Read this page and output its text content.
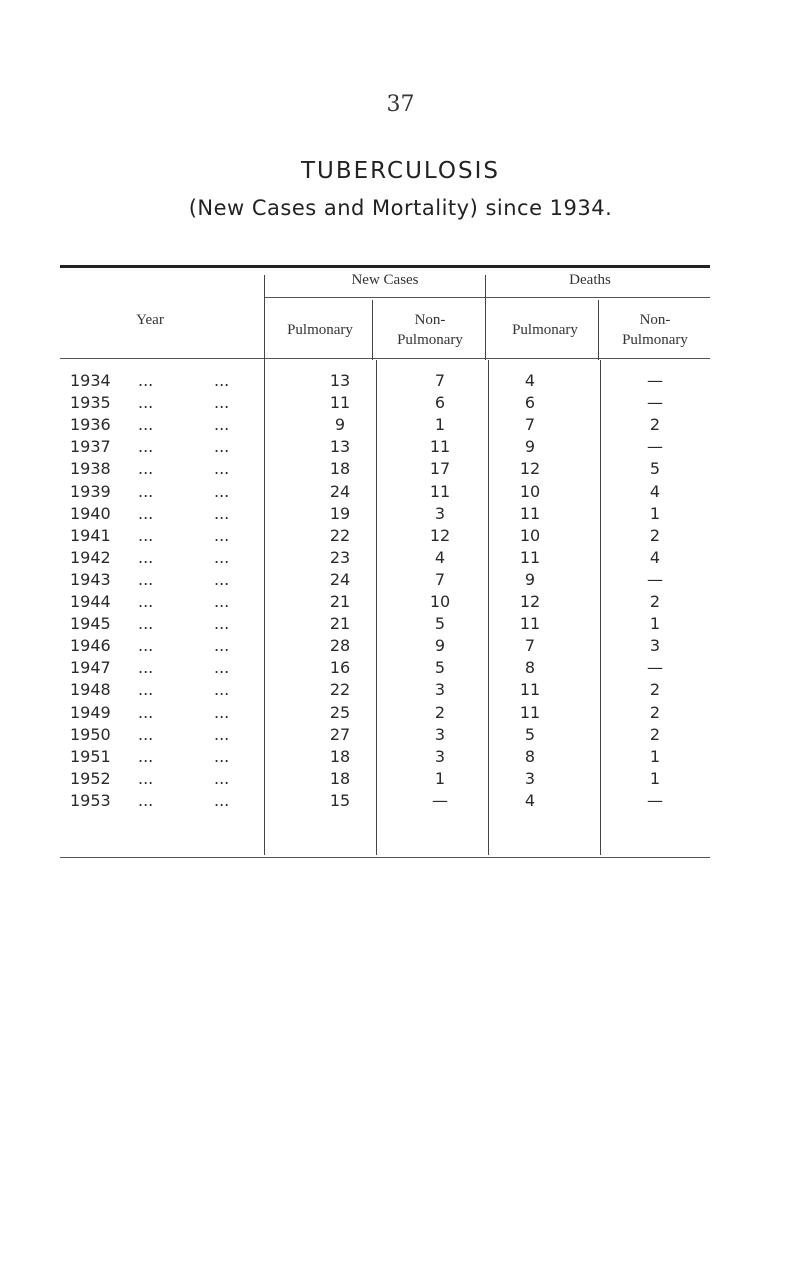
37
TUBERCULOSIS
(New Cases and Mortality) since 1934.
Year
New Cases	Deaths
Pulmonary
Non-
Pulmonary
Pulmonary
Non-
Pulmonary
1934	...	...	13	7	4	—
1935	...	...	11	6	6	—
1936	...	...	9	1	7	2
1937	...	...	13	11	9	—
1938	...	...	18	17	12	5
1939	...	...	24	11	10	4
1940	...	...	19	3	11	1
1941	...	...	22	12	10	2
1942	...	...	23	4	11	4
1943	...	...	24	7	9	—
1944	...	...	21	10	12	2
1945	...	...	21	5	11	1
1946	...	...	28	9	7	3
1947	...	...	16	5	8	—
1948	...	...	22	3	11	2
1949	...	...	25	2	11	2
1950	...	...	27	3	5	2
1951	...	...	18	3	8	1
1952	...	...	18	1	3	1
1953	...	...	15	—	4	—
